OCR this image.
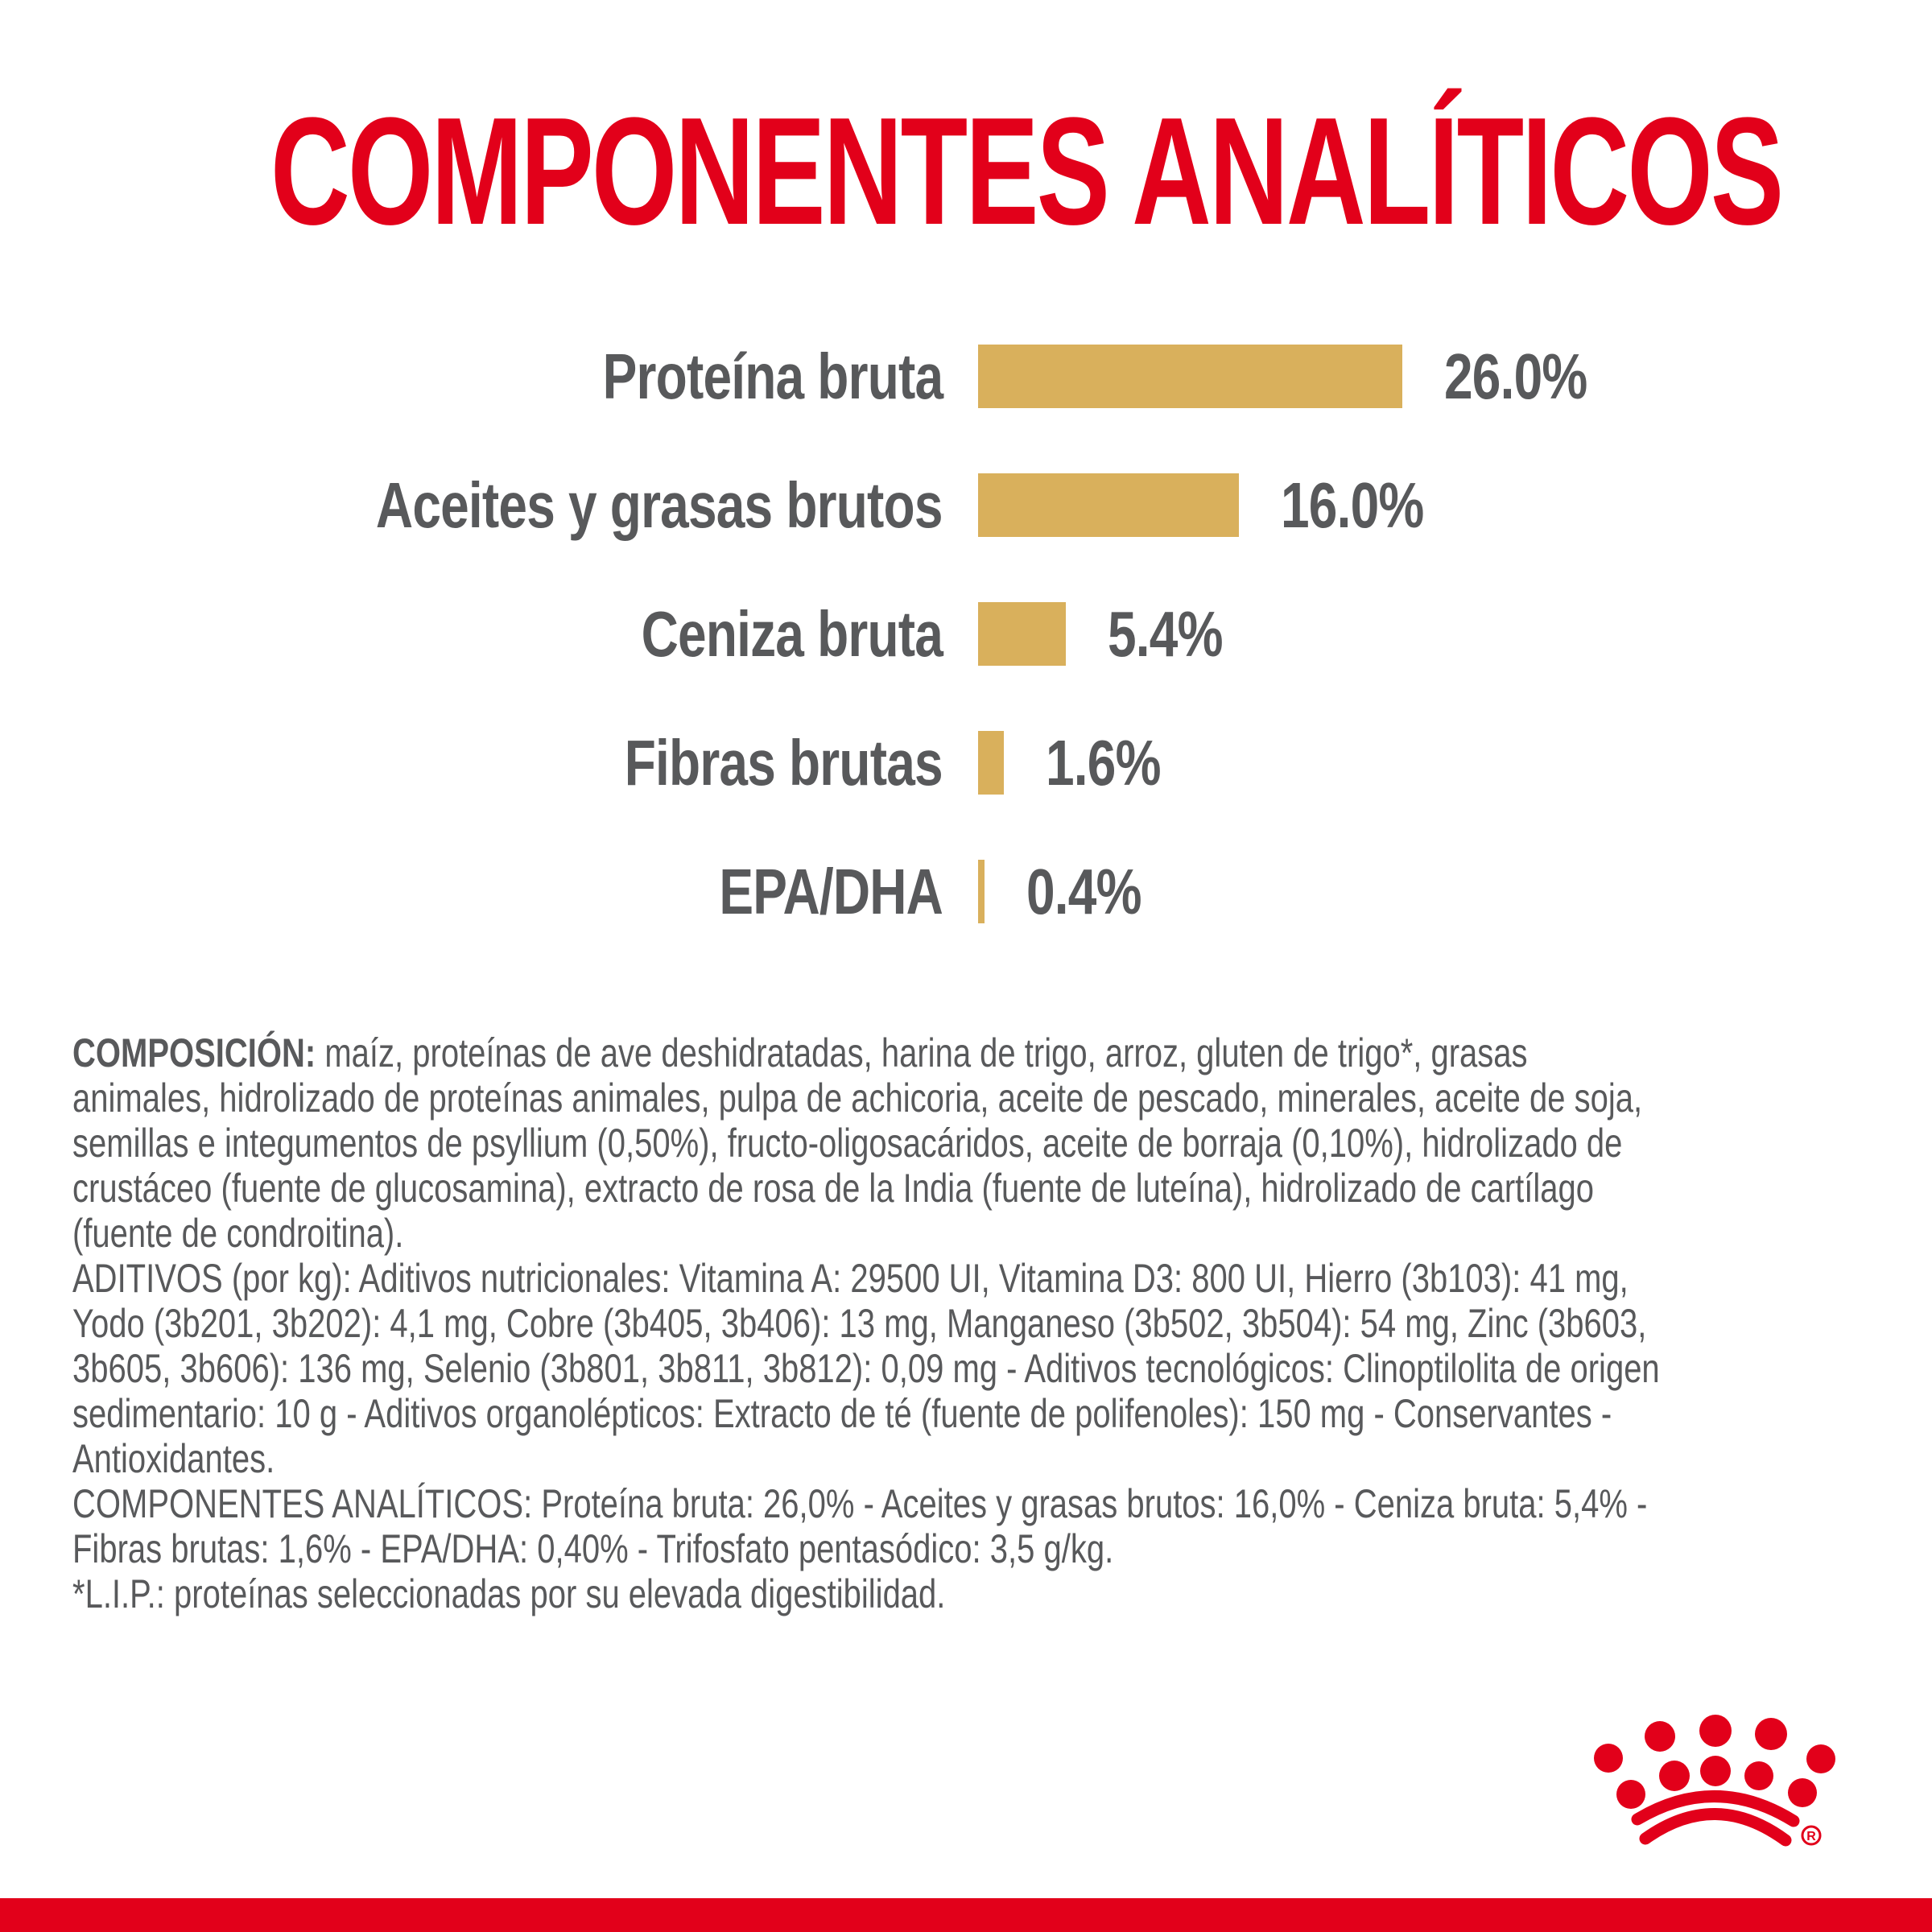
COMPONENTES ANALÍTICOS
Proteína bruta	26.0%
Aceites y grasas brutos	16.0%
Ceniza bruta	5.4%
Fibras brutas 1.6%
EPA/DHA 0.4%
COMPOSICIÓN: maíz, proteínas de ave deshidratadas, harina de trigo, arroz, gluten de trigo*, grasas
animales, hidrolizado de proteínas animales, pulpa de achicoria, aceite de pescado, minerales, aceite de soja,
semillas e integumentos de psyllium (0,50%), fructo-oligosacáridos, aceite de borraja (0,10%), hidrolizado de
crustáceo (fuente de glucosamina), extracto de rosa de la India (fuente de luteína), hidrolizado de cartílago
(fuente de condroitina).
ADITIVOS (por kg): Aditivos nutricionales: Vitamina A: 29500 UI, Vitamina D3: 800 UI, Hierro (3b103): 41 mg,
Yodo (3b201, 3b202): 4,1 mg, Cobre (3b405, 3b406): 13 mg, Manganeso (3b502, 3b504): 54 mg, Zinc (3b603,
3b605, 3b606): 136 mg, Selenio (3b801, 3b811, 3b812): 0,09 mg - Aditivos tecnológicos: Clinoptilolita de origen
sedimentario: 10 g - Aditivos organolépticos: Extracto de té (fuente de polifenoles): 150 mg - Conservantes -
Antioxidantes.
COMPONENTES ANALÍTICOS: Proteína bruta: 26,0% - Aceites y grasas brutos: 16,0% - Ceniza bruta: 5,4% -
Fibras brutas: 1,6% - EPA/DHA: 0,40% - Trifosfato pentasódico: 3,5 g/kg.
*L.I.P.: proteínas seleccionadas por su elevada digestibilidad.
R
